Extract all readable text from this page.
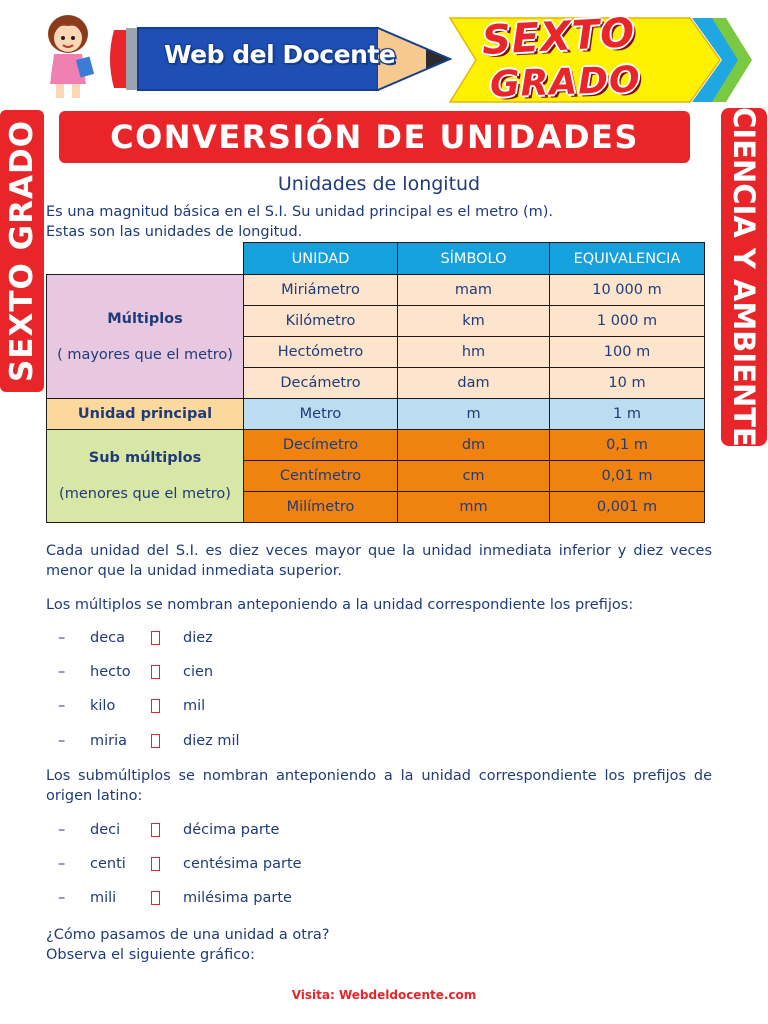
Web del Docente SEXTO
GRADO
SEXTO GRADO	CIENCIA Y AMBIENTE
CONVERSIÓN DE UNIDADES
Unidades de longitud
Es una magnitud básica en el S.I. Su unidad principal es el metro (m).
Estas son las unidades de longitud.
	UNIDAD	SÍMBOLO	EQUIVALENCIA

Múltiplos
( mayores que el metro)	Miriámetro	mam	10 000 m
	Kilómetro	km	1 000 m
	Hectómetro	hm	100 m
	Decámetro	dam	10 m

Unidad principal	Metro	m	1 m

Sub múltiplos
(menores que el metro)	Decímetro	dm	0,1 m
	Centímetro	cm	0,01 m
	Milímetro	mm	0,001 m
Cada unidad del S.I. es diez veces mayor que la unidad inmediata inferior y diez veces menor que la unidad inmediata superior.
Los múltiplos se nombran anteponiendo a la unidad correspondiente los prefijos:
– deca	diez
– hecto	cien
– kilo	mil
– miria	diez mil
Los submúltiplos se nombran anteponiendo a la unidad correspondiente los prefijos de origen latino:
– deci	décima parte
– centi	centésima parte
– mili	milésima parte
¿Cómo pasamos de una unidad a otra?
Observa el siguiente gráfico:
Visita: Webdeldocente.com
